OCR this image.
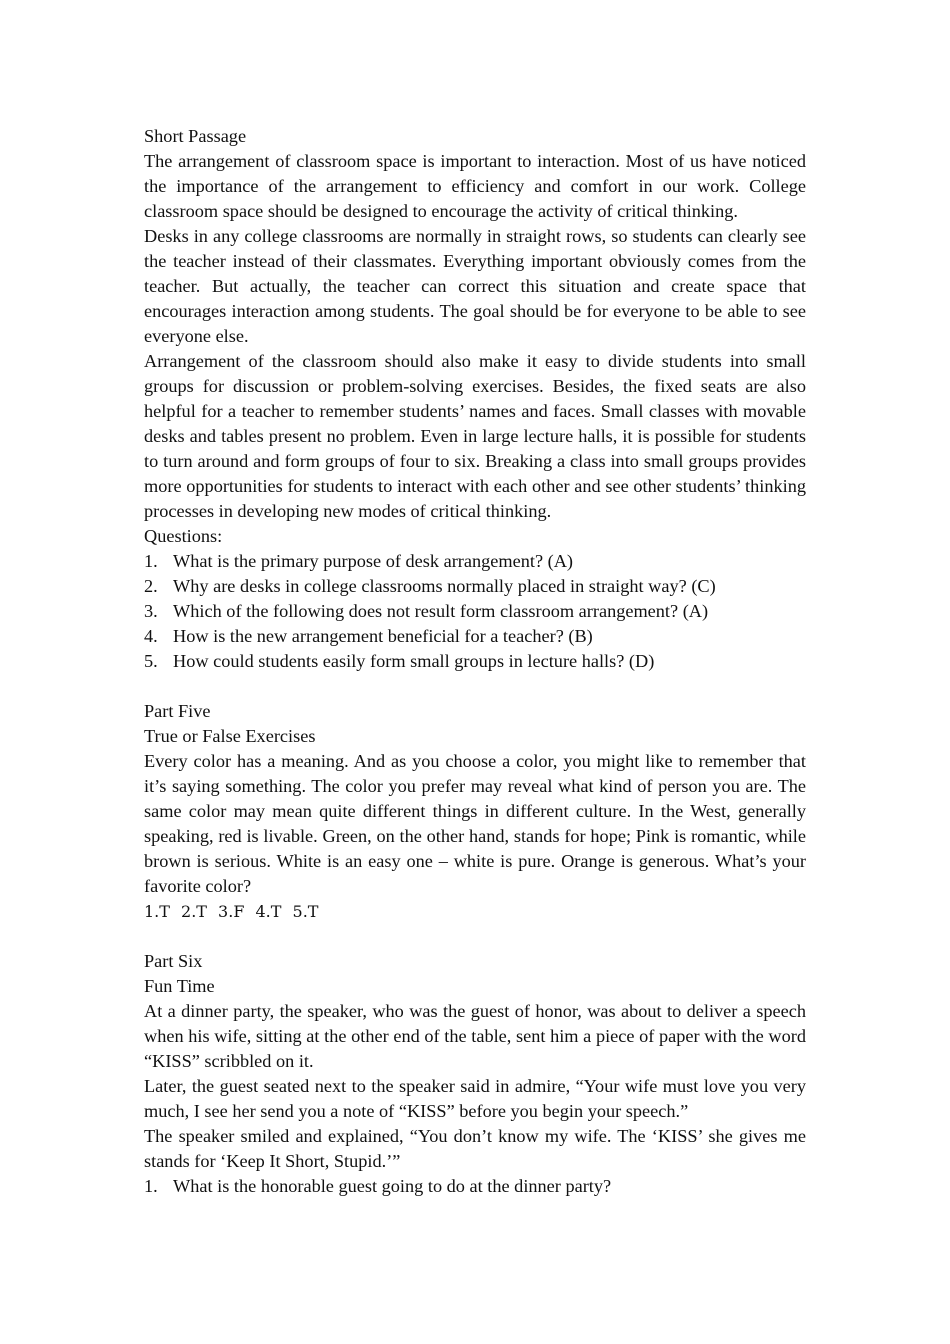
Short Passage

The arrangement of classroom space is important to interaction. Most of us have noticed the importance of the arrangement to efficiency and comfort in our work. College classroom space should be designed to encourage the activity of critical thinking.

Desks in any college classrooms are normally in straight rows, so students can clearly see the teacher instead of their classmates. Everything important obviously comes from the teacher. But actually, the teacher can correct this situation and create space that encourages interaction among students. The goal should be for everyone to be able to see everyone else.

Arrangement of the classroom should also make it easy to divide students into small groups for discussion or problem-solving exercises. Besides, the fixed seats are also helpful for a teacher to remember students’ names and faces. Small classes with movable desks and tables present no problem. Even in large lecture halls, it is possible for students to turn around and form groups of four to six. Breaking a class into small groups provides more opportunities for students to interact with each other and see other students’ thinking processes in developing new modes of critical thinking.

Questions:

1. What is the primary purpose of desk arrangement? (A)
2. Why are desks in college classrooms normally placed in straight way? (C)
3. Which of the following does not result form classroom arrangement? (A)
4. How is the new arrangement beneficial for a teacher? (B)
5. How could students easily form small groups in lecture halls? (D)

Part Five

True or False Exercises

Every color has a meaning. And as you choose a color, you might like to remember that it’s saying something. The color you prefer may reveal what kind of person you are. The same color may mean quite different things in different culture. In the West, generally speaking, red is livable. Green, on the other hand, stands for hope; Pink is romantic, while brown is serious. White is an easy one – white is pure. Orange is generous. What’s your favorite color?

1.T 2.T 3.F 4.T 5.T

Part Six

Fun Time

At a dinner party, the speaker, who was the guest of honor, was about to deliver a speech when his wife, sitting at the other end of the table, sent him a piece of paper with the word “KISS” scribbled on it.

Later, the guest seated next to the speaker said in admire, “Your wife must love you very much, I see her send you a note of “KISS” before you begin your speech.”

The speaker smiled and explained, “You don’t know my wife. The ‘KISS’ she gives me stands for ‘Keep It Short, Stupid.’”

1. What is the honorable guest going to do at the dinner party?
